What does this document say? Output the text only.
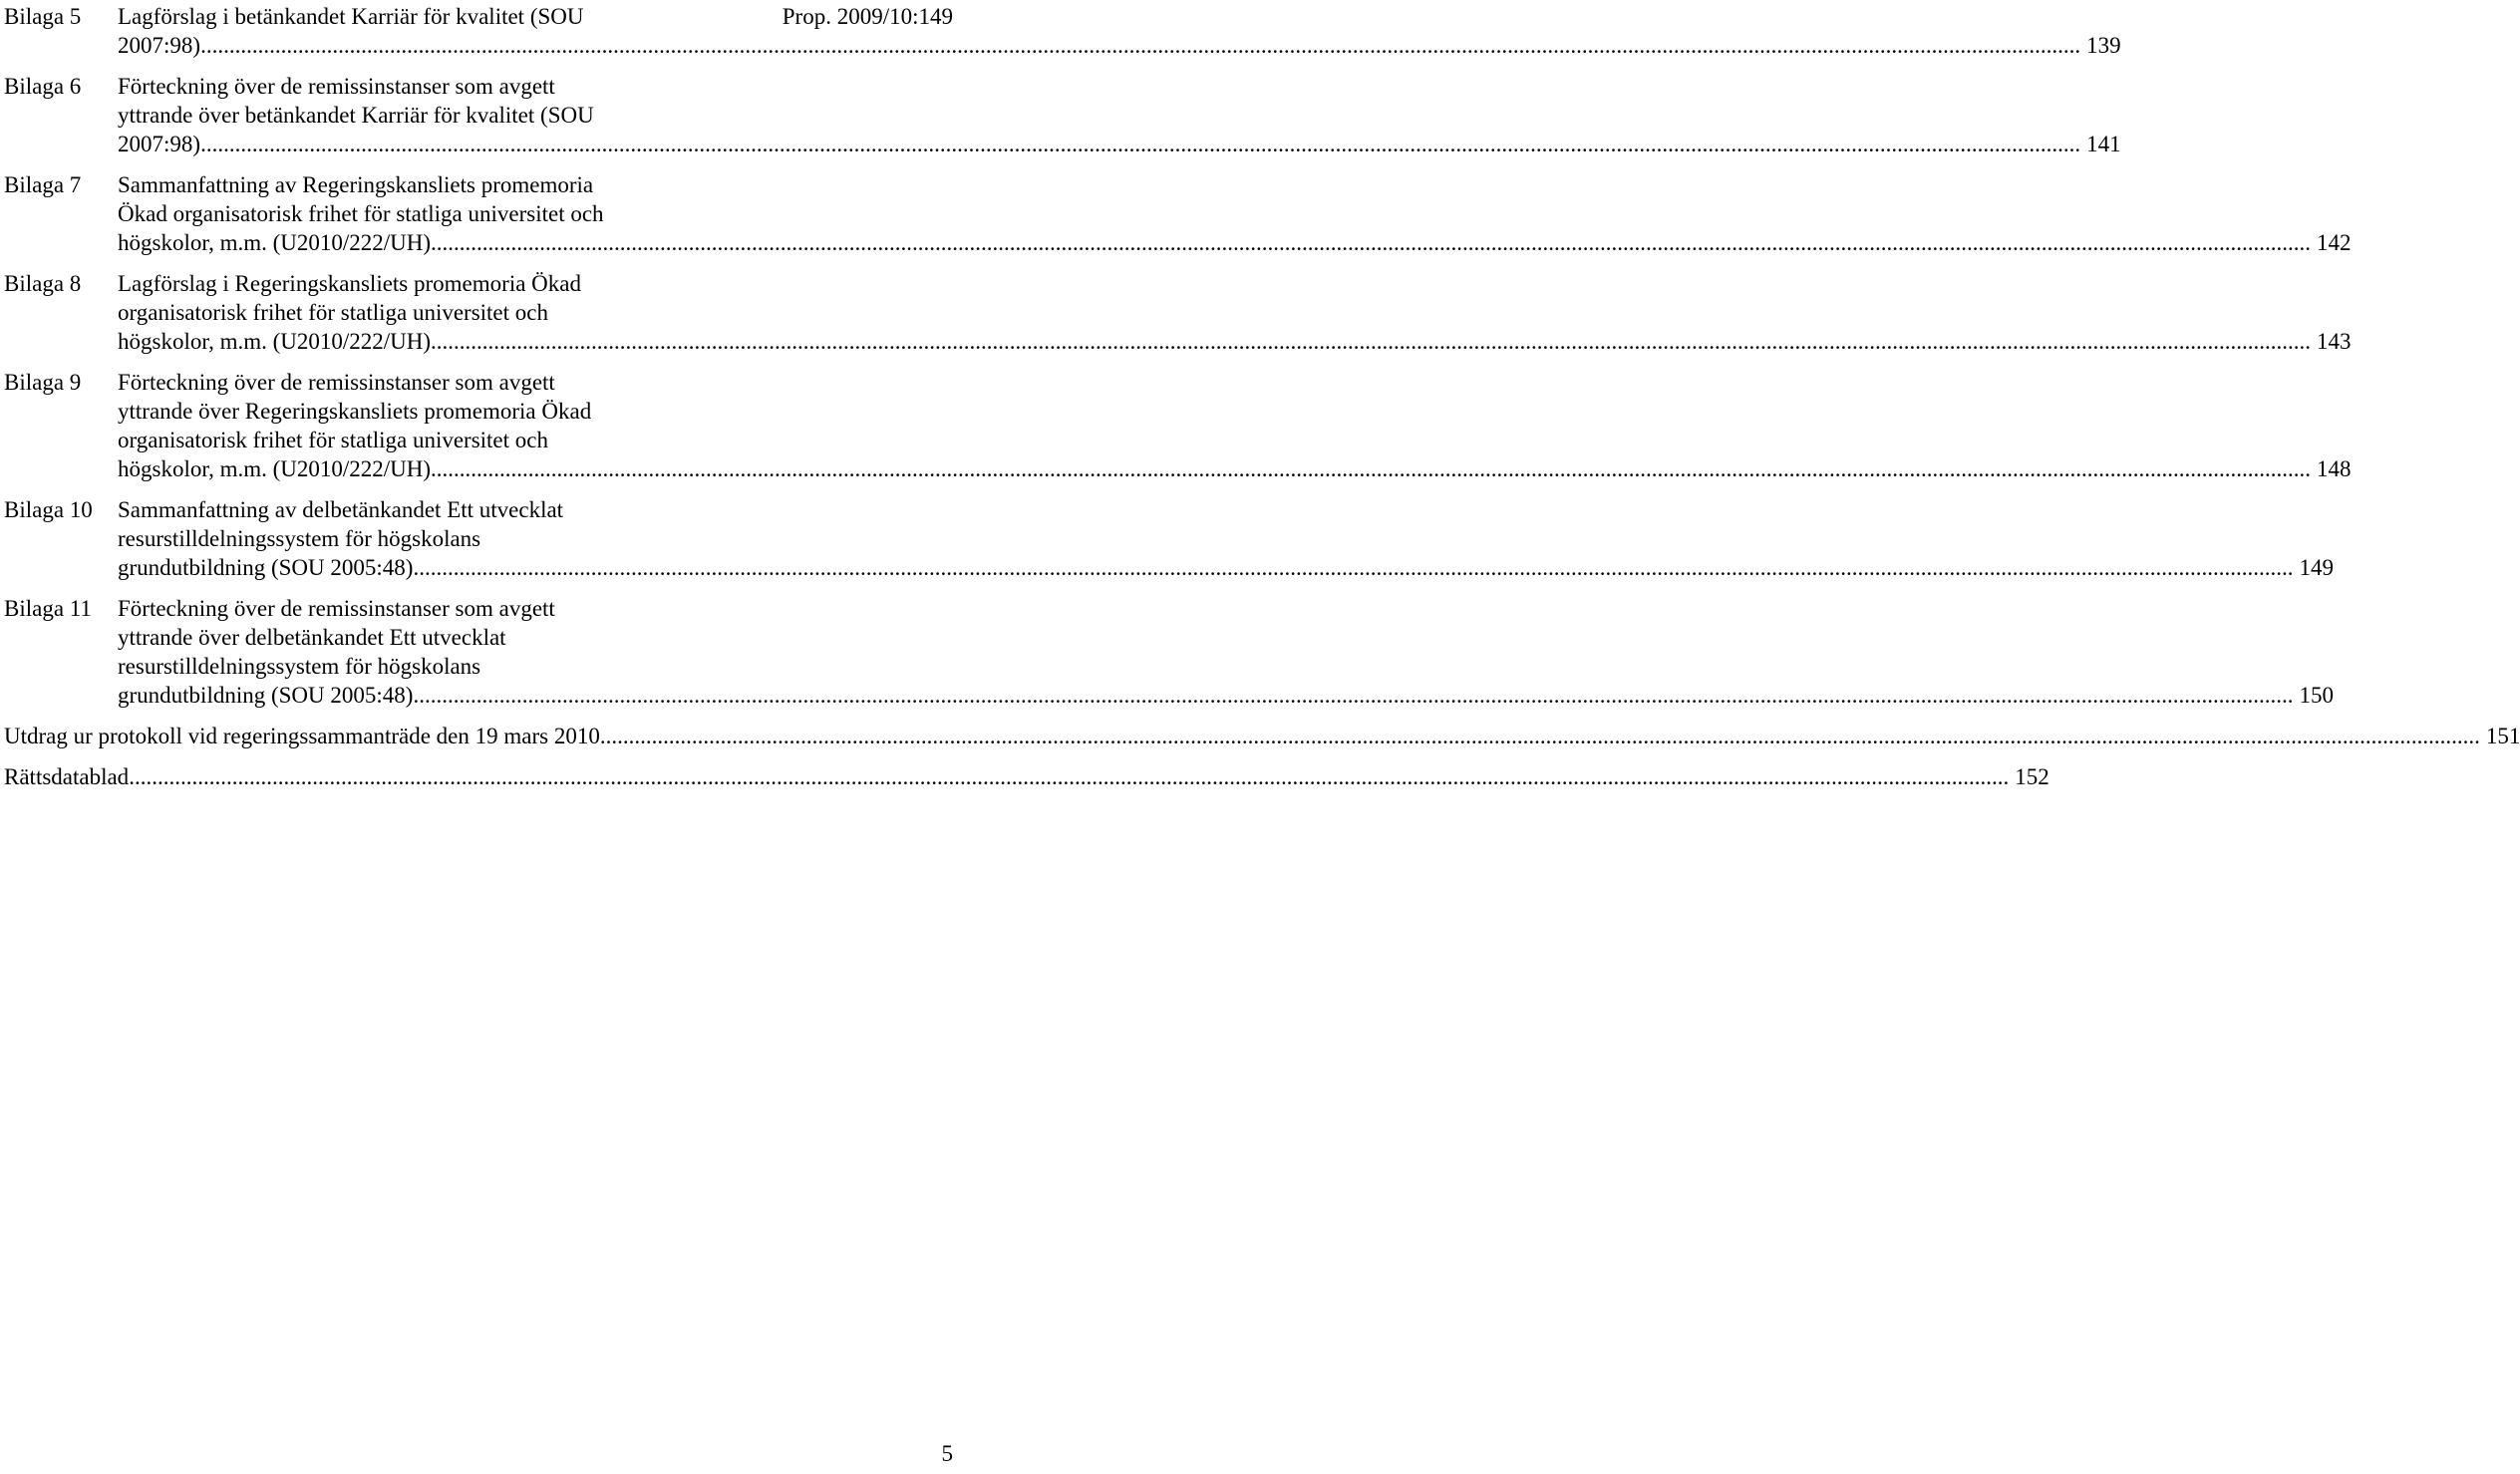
Prop. 2009/10:149
Bilaga 5	Lagförslag i betänkandet Karriär för kvalitet (SOU
2007:98) .....	139
Bilaga 6	Förteckning över de remissinstanser som avgett
yttrande över betänkandet Karriär för kvalitet (SOU
2007:98) .....	141
Bilaga 7	Sammanfattning av Regeringskansliets promemoria
Ökad organisatorisk frihet för statliga universitet och
högskolor, m.m. (U2010/222/UH) .....	142
Bilaga 8	Lagförslag i Regeringskansliets promemoria Ökad
organisatorisk frihet för statliga universitet och
högskolor, m.m. (U2010/222/UH) .....	143
Bilaga 9	Förteckning över de remissinstanser som avgett
yttrande över Regeringskansliets promemoria Ökad
organisatorisk frihet för statliga universitet och
högskolor, m.m. (U2010/222/UH) .....	148
Bilaga 10	Sammanfattning av delbetänkandet Ett utvecklat
resurstilldelningssystem för högskolans
grundutbildning (SOU 2005:48) .....	149
Bilaga 11	Förteckning över de remissinstanser som avgett
yttrande över delbetänkandet Ett utvecklat
resurstilldelningssystem för högskolans
grundutbildning (SOU 2005:48) .....	150
Utdrag ur protokoll vid regeringssammanträde den 19 mars 2010 .....	151
Rättsdatablad .....	152
5
